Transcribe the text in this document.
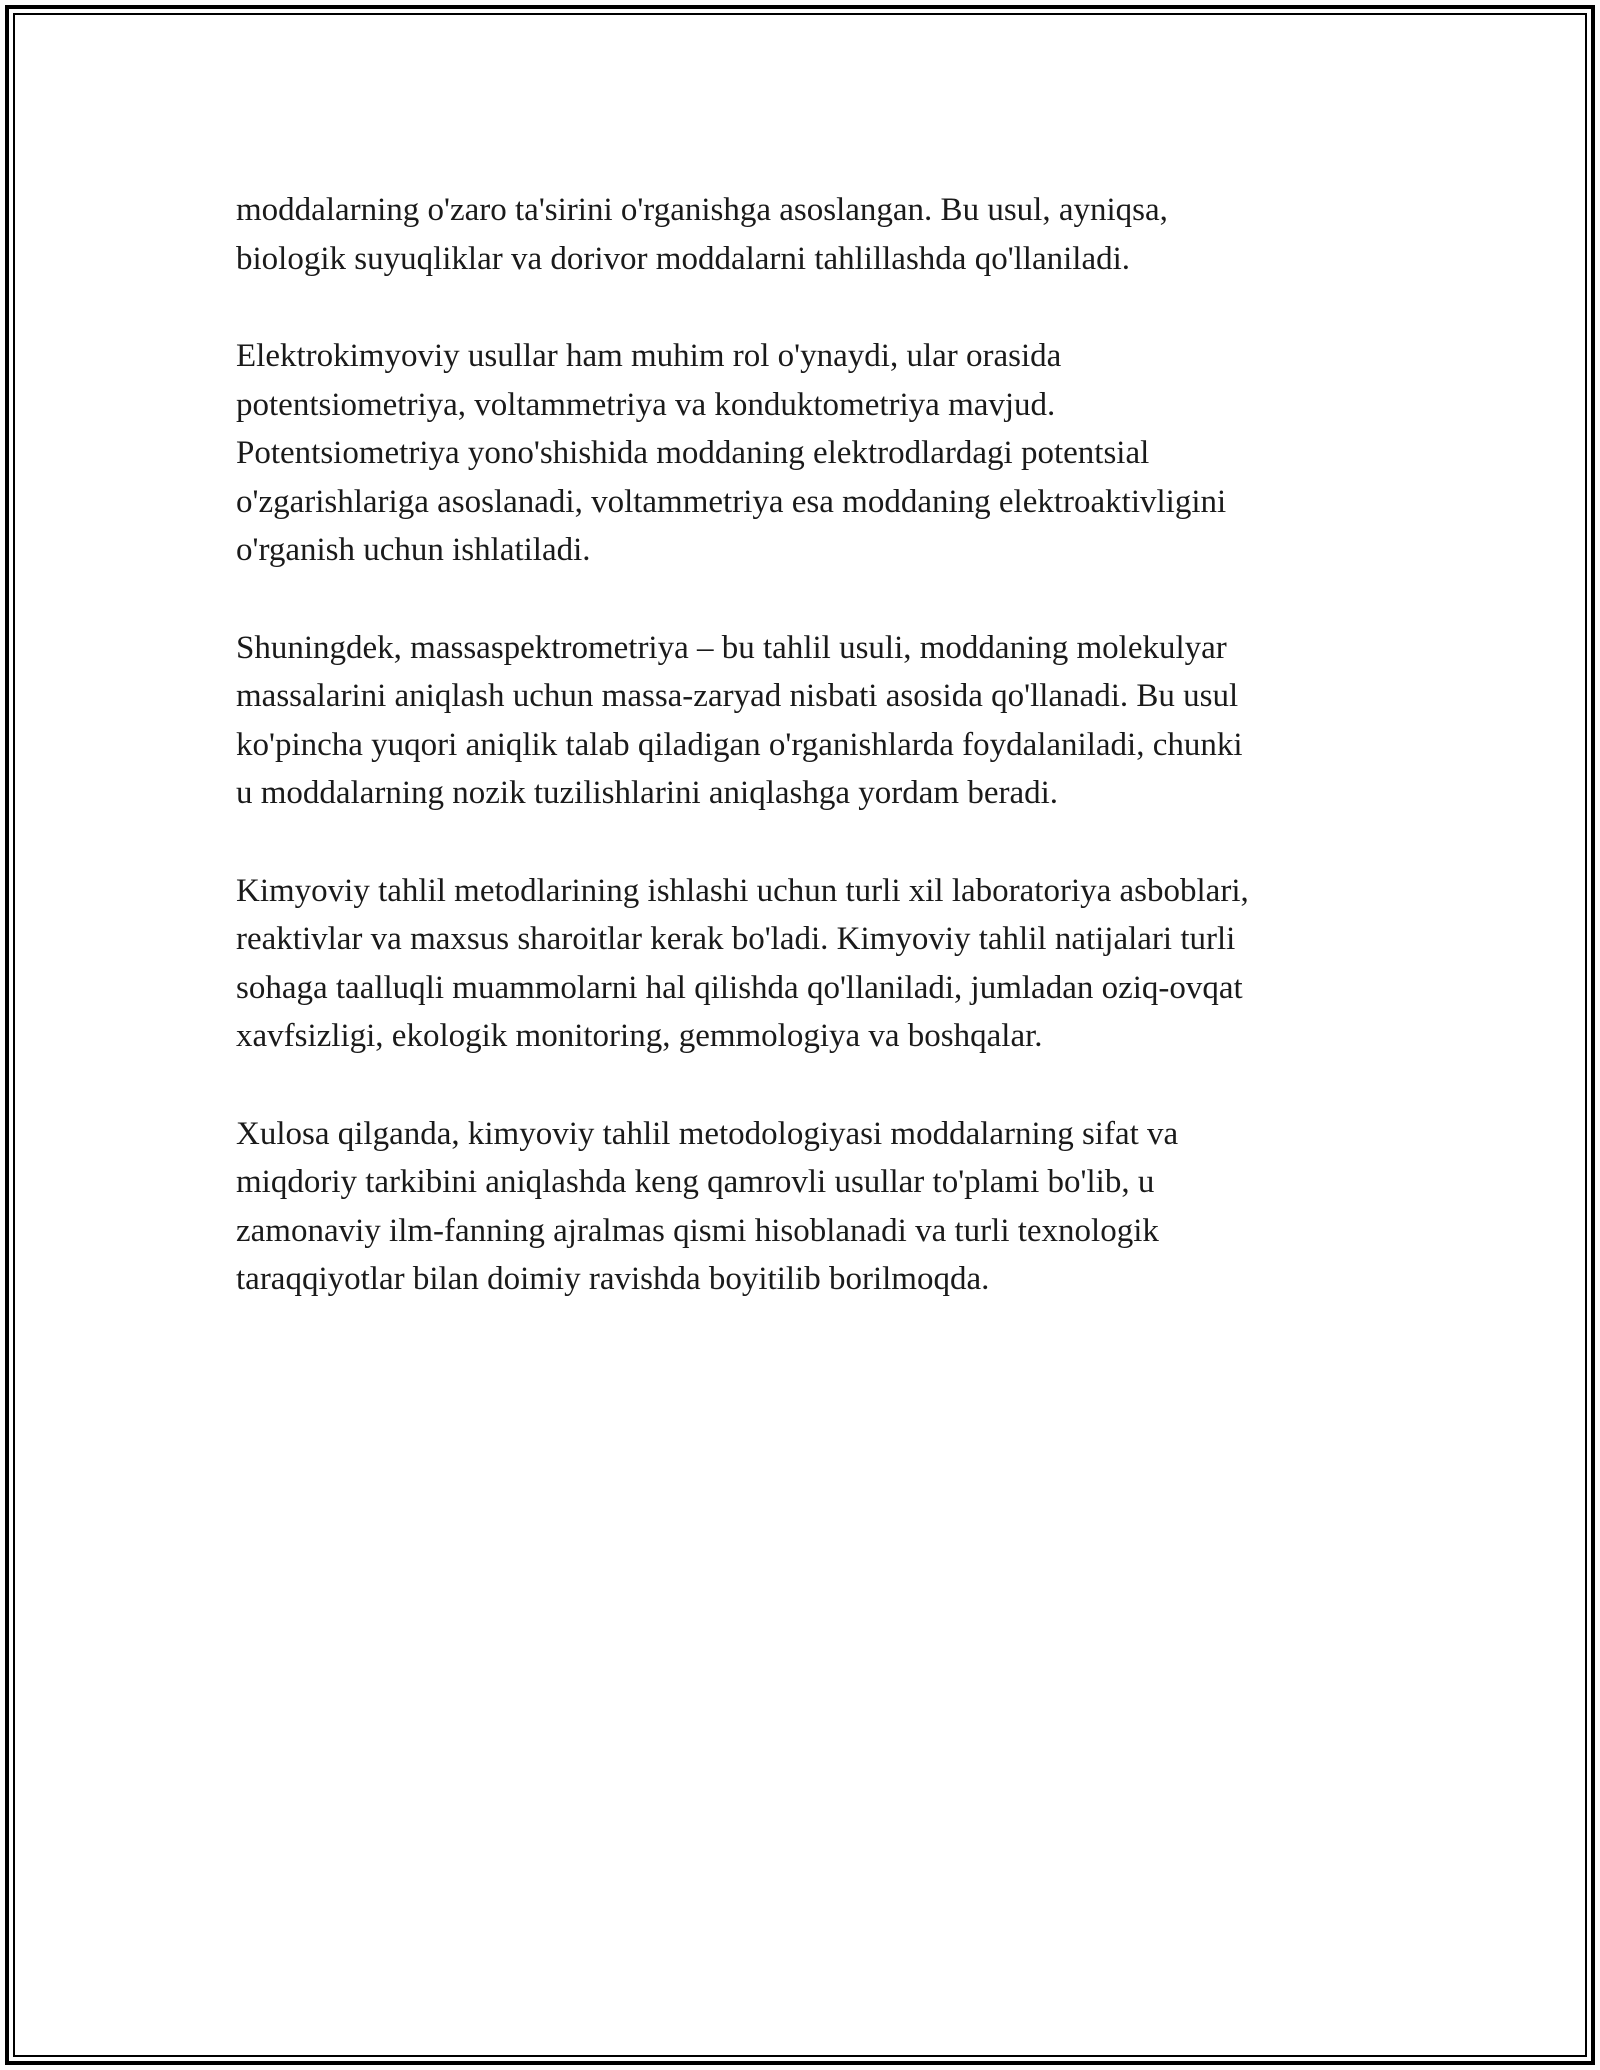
moddalarning o'zaro ta'sirini o'rganishga asoslangan. Bu usul, ayniqsa,
biologik suyuqliklar va dorivor moddalarni tahlillashda qo'llaniladi.

Elektrokimyoviy usullar ham muhim rol o'ynaydi, ular orasida
potentsiometriya, voltammetriya va konduktometriya mavjud.
Potentsiometriya yono'shishida moddaning elektrodlardagi potentsial
o'zgarishlariga asoslanadi, voltammetriya esa moddaning elektroaktivligini
o'rganish uchun ishlatiladi.

Shuningdek, massaspektrometriya – bu tahlil usuli, moddaning molekulyar
massalarini aniqlash uchun massa-zaryad nisbati asosida qo'llanadi. Bu usul
ko'pincha yuqori aniqlik talab qiladigan o'rganishlarda foydalaniladi, chunki
u moddalarning nozik tuzilishlarini aniqlashga yordam beradi.

Kimyoviy tahlil metodlarining ishlashi uchun turli xil laboratoriya asboblari,
reaktivlar va maxsus sharoitlar kerak bo'ladi. Kimyoviy tahlil natijalari turli
sohaga taalluqli muammolarni hal qilishda qo'llaniladi, jumladan oziq-ovqat
xavfsizligi, ekologik monitoring, gemmologiya va boshqalar.

Xulosa qilganda, kimyoviy tahlil metodologiyasi moddalarning sifat va
miqdoriy tarkibini aniqlashda keng qamrovli usullar to'plami bo'lib, u
zamonaviy ilm-fanning ajralmas qismi hisoblanadi va turli texnologik
taraqqiyotlar bilan doimiy ravishda boyitilib borilmoqda.
